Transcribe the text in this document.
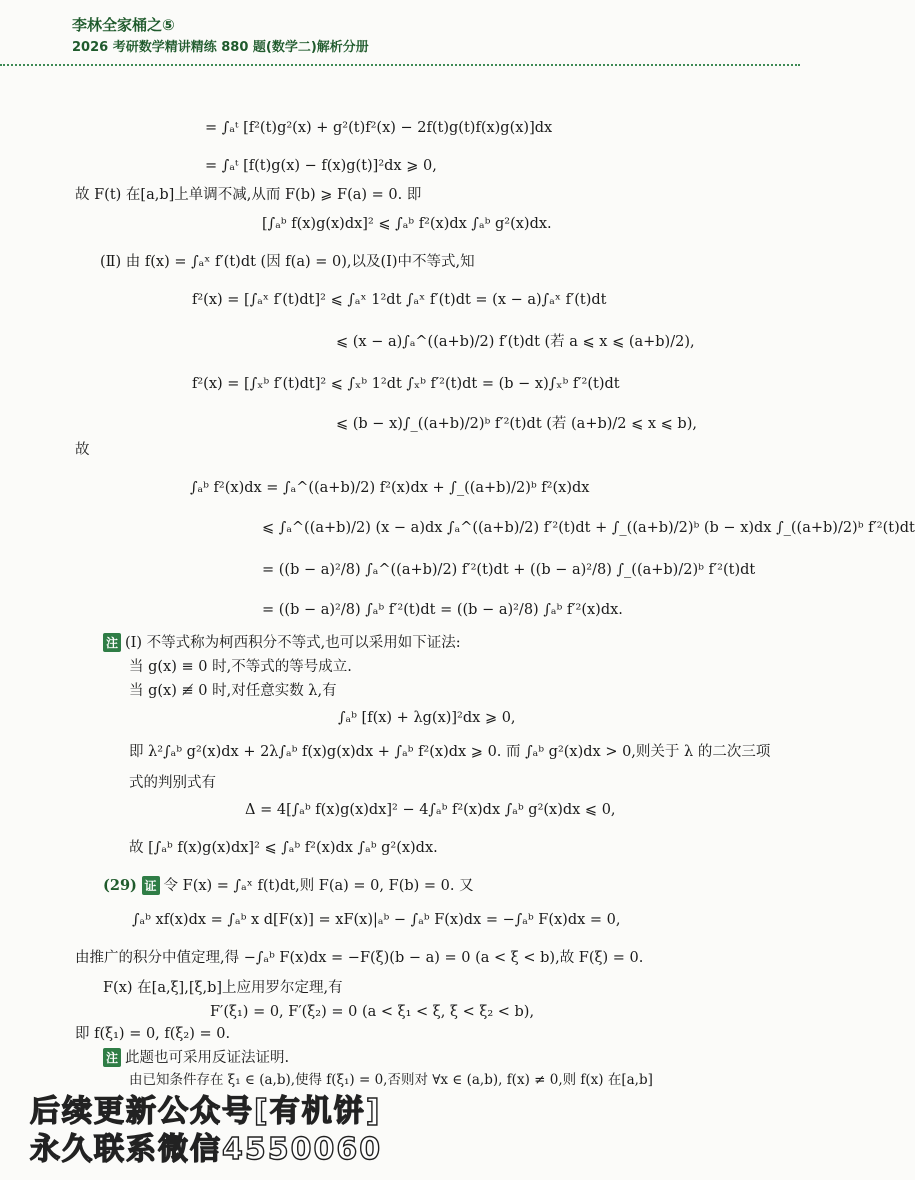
李林全家桶之⑤
2026 考研数学精讲精练 880 题(数学二)解析分册
= ∫ₐᵗ [f²(t)g²(x) + g²(t)f²(x) − 2f(t)g(t)f(x)g(x)]dx
= ∫ₐᵗ [f(t)g(x) − f(x)g(t)]²dx ⩾ 0,
故 F(t) 在[a,b]上单调不减,从而 F(b) ⩾ F(a) = 0. 即
[∫ₐᵇ f(x)g(x)dx]² ⩽ ∫ₐᵇ f²(x)dx ∫ₐᵇ g²(x)dx.
(Ⅱ) 由 f(x) = ∫ₐˣ f′(t)dt (因 f(a) = 0),以及(Ⅰ)中不等式,知
f²(x) = [∫ₐˣ f′(t)dt]² ⩽ ∫ₐˣ 1²dt ∫ₐˣ f′(t)dt = (x − a)∫ₐˣ f′(t)dt
⩽ (x − a)∫ₐ^((a+b)/2) f′(t)dt (若 a ⩽ x ⩽ (a+b)/2),
f²(x) = [∫ₓᵇ f′(t)dt]² ⩽ ∫ₓᵇ 1²dt ∫ₓᵇ f′²(t)dt = (b − x)∫ₓᵇ f′²(t)dt
⩽ (b − x)∫_((a+b)/2)ᵇ f′²(t)dt (若 (a+b)/2 ⩽ x ⩽ b),
故
∫ₐᵇ f²(x)dx = ∫ₐ^((a+b)/2) f²(x)dx + ∫_((a+b)/2)ᵇ f²(x)dx
⩽ ∫ₐ^((a+b)/2) (x − a)dx ∫ₐ^((a+b)/2) f′²(t)dt + ∫_((a+b)/2)ᵇ (b − x)dx ∫_((a+b)/2)ᵇ f′²(t)dt
= ((b − a)²/8) ∫ₐ^((a+b)/2) f′²(t)dt + ((b − a)²/8) ∫_((a+b)/2)ᵇ f′²(t)dt
= ((b − a)²/8) ∫ₐᵇ f′²(t)dt = ((b − a)²/8) ∫ₐᵇ f′²(x)dx.
注 (Ⅰ) 不等式称为柯西积分不等式,也可以采用如下证法:
当 g(x) ≡ 0 时,不等式的等号成立.
当 g(x) ≢ 0 时,对任意实数 λ,有
∫ₐᵇ [f(x) + λg(x)]²dx ⩾ 0,
即 λ²∫ₐᵇ g²(x)dx + 2λ∫ₐᵇ f(x)g(x)dx + ∫ₐᵇ f²(x)dx ⩾ 0. 而 ∫ₐᵇ g²(x)dx > 0,则关于 λ 的二次三项
式的判别式有
Δ = 4[∫ₐᵇ f(x)g(x)dx]² − 4∫ₐᵇ f²(x)dx ∫ₐᵇ g²(x)dx ⩽ 0,
故 [∫ₐᵇ f(x)g(x)dx]² ⩽ ∫ₐᵇ f²(x)dx ∫ₐᵇ g²(x)dx.
(29) 证 令 F(x) = ∫ₐˣ f(t)dt,则 F(a) = 0, F(b) = 0. 又
∫ₐᵇ xf(x)dx = ∫ₐᵇ x d[F(x)] = xF(x)|ₐᵇ − ∫ₐᵇ F(x)dx = −∫ₐᵇ F(x)dx = 0,
由推广的积分中值定理,得 −∫ₐᵇ F(x)dx = −F(ξ)(b − a) = 0 (a < ξ < b),故 F(ξ) = 0.
F(x) 在[a,ξ],[ξ,b]上应用罗尔定理,有
F′(ξ₁) = 0, F′(ξ₂) = 0 (a < ξ₁ < ξ, ξ < ξ₂ < b),
即 f(ξ₁) = 0, f(ξ₂) = 0.
注 此题也可采用反证法证明.
由已知条件存在 ξ₁ ∈ (a,b),使得 f(ξ₁) = 0,否则对 ∀x ∈ (a,b), f(x) ≠ 0,则 f(x) 在[a,b]
后续更新公众号[有机饼]
永久联系微信4550060
